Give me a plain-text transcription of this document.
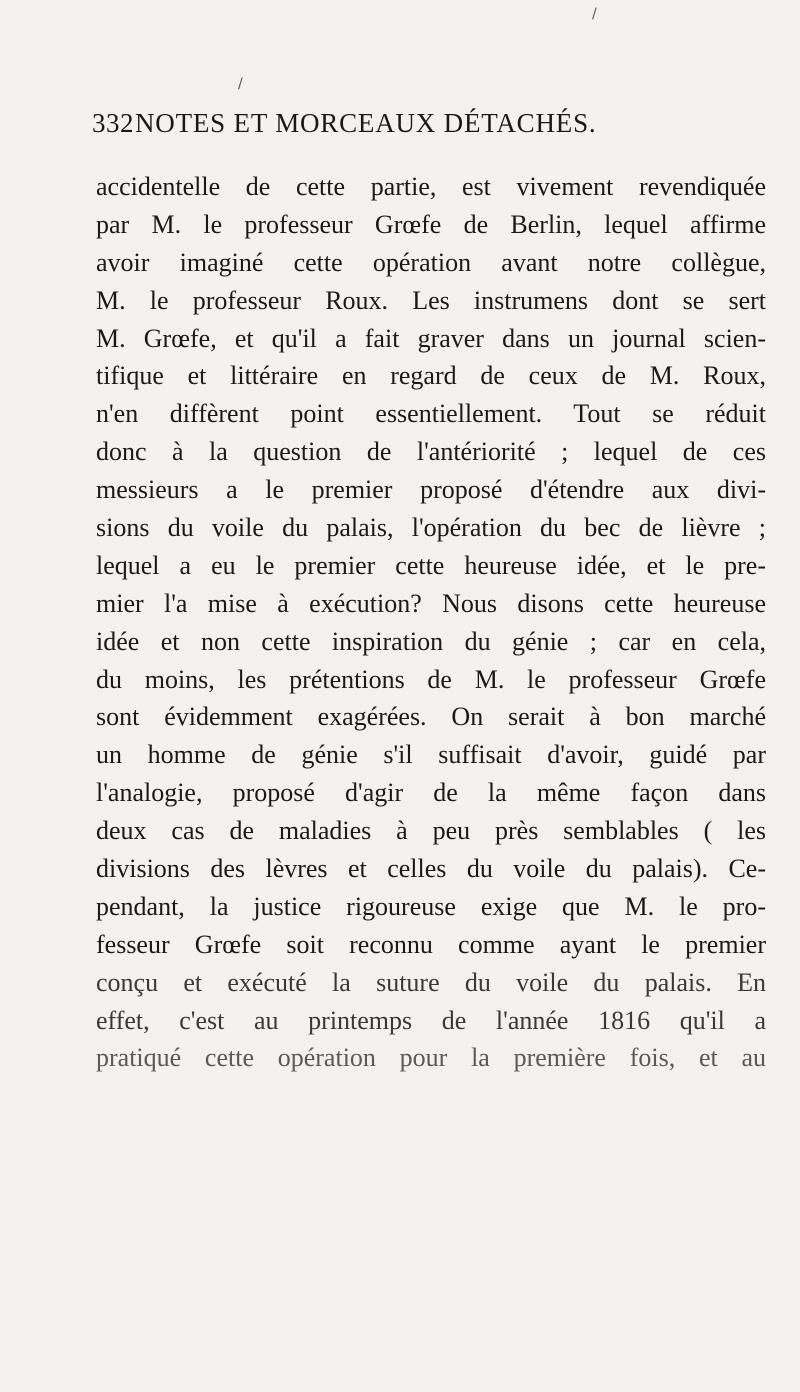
332 NOTES ET MORCEAUX DÉTACHÉS.
accidentelle de cette partie, est vivement revendiquée
par M. le professeur Grœfe de Berlin, lequel affirme
avoir imaginé cette opération avant notre collègue,
M. le professeur Roux. Les instrumens dont se sert
M. Grœfe, et qu'il a fait graver dans un journal scien-
tifique et littéraire en regard de ceux de M. Roux,
n'en diffèrent point essentiellement. Tout se réduit
donc à la question de l'antériorité ; lequel de ces
messieurs a le premier proposé d'étendre aux divi-
sions du voile du palais, l'opération du bec de lièvre ;
lequel a eu le premier cette heureuse idée, et le pre-
mier l'a mise à exécution? Nous disons cette heureuse
idée et non cette inspiration du génie ; car en cela,
du moins, les prétentions de M. le professeur Grœfe
sont évidemment exagérées. On serait à bon marché
un homme de génie s'il suffisait d'avoir, guidé par
l'analogie, proposé d'agir de la même façon dans
deux cas de maladies à peu près semblables ( les
divisions des lèvres et celles du voile du palais). Ce-
pendant, la justice rigoureuse exige que M. le pro-
fesseur Grœfe soit reconnu comme ayant le premier
conçu et exécuté la suture du voile du palais. En
effet, c'est au printemps de l'année 1816 qu'il a
pratiqué cette opération pour la première fois, et au
/
/
